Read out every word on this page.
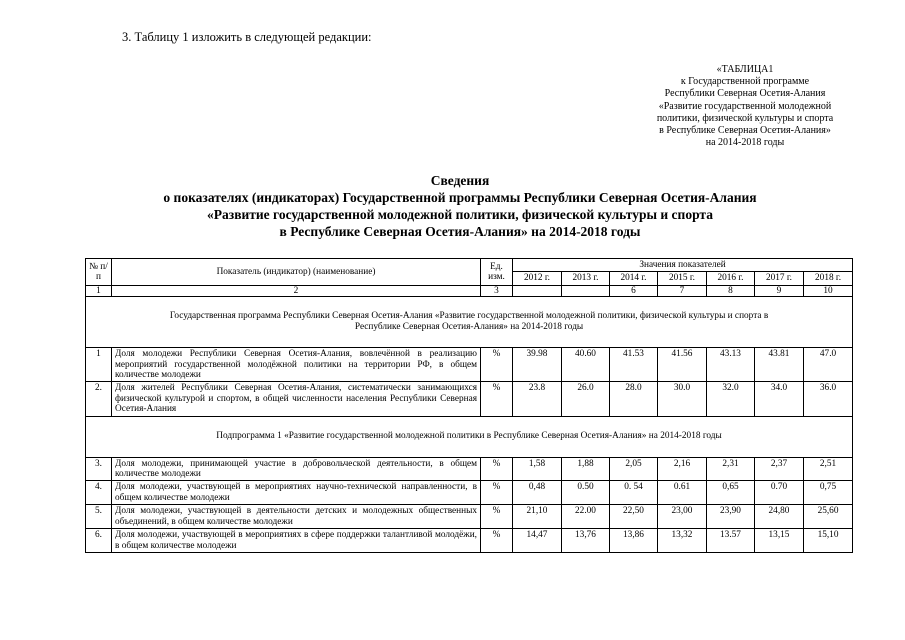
3. Таблицу 1 изложить в следующей редакции:
«ТАБЛИЦА1
к Государственной программе
Республики Северная Осетия-Алания
«Развитие государственной молодежной
политики, физической культуры и спорта
в Республике Северная Осетия-Алания»
на 2014-2018 годы
Сведения
о показателях (индикаторах) Государственной программы Республики Северная Осетия-Алания
«Развитие государственной молодежной политики, физической культуры и спорта
в Республике Северная Осетия-Алания» на 2014-2018 годы
№ п/п	Показатель (индикатор) (наименование)	Ед. изм.	Значения показателей						
			2012 г.	2013 г.	2014 г.	2015 г.	2016 г.	2017 г.	2018 г.
1	2	3			6	7	8	9	10
Государственная программа Республики Северная Осетия-Алания «Развитие государственной молодежной политики, физической культуры и спорта в Республике Северная Осетия-Алания» на 2014-2018 годы									
1	Доля молодежи Республики Северная Осетия-Алания, вовлечённой в реализацию мероприятий государственной молодёжной политики на территории РФ, в общем количестве молодежи	%	39.98	40.60	41.53	41.56	43.13	43.81	47.0
2.	Доля жителей Республики Северная Осетия-Алания, систематически занимающихся физической культурой и спортом, в общей численности населения Республики Северная Осетия-Алания	%	23.8	26.0	28.0	30.0	32.0	34.0	36.0
Подпрограмма 1 «Развитие государственной молодежной политики в Республике Северная Осетия-Алания» на 2014-2018 годы									
3.	Доля молодежи, принимающей участие в добровольческой деятельности, в общем количестве молодежи	%	1,58	1,88	2,05	2,16	2,31	2,37	2,51
4.	Доля молодежи, участвующей в мероприятиях научно-технической направленности, в общем количестве молодежи	%	0,48	0.50	0. 54	0.61	0,65	0.70	0,75
5.	Доля молодежи, участвующей в деятельности детских и молодежных общественных объединений, в общем количестве молодежи	%	21,10	22.00	22,50	23,00	23,90	24,80	25,60
6.	Доля молодежи, участвующей в мероприятиях в сфере поддержки талантливой молодёжи, в общем количестве молодежи	%	14,47	13,76	13,86	13,32	13.57	13,15	15,10
